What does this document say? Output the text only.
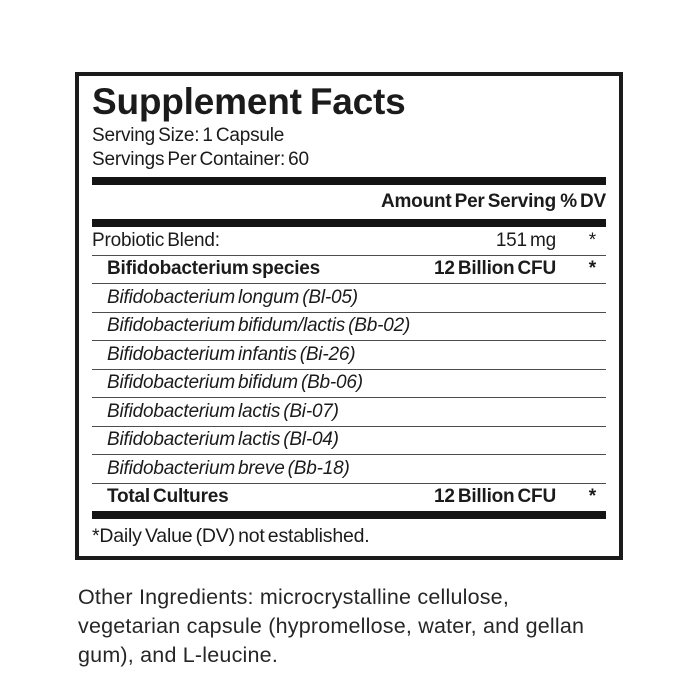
Supplement Facts
Serving Size: 1 Capsule
Servings Per Container: 60
Amount Per Serving % DV
Probiotic Blend:	151 mg	*
Bifidobacterium species	12 Billion CFU	*
Bifidobacterium longum (Bl-05)
Bifidobacterium bifidum/lactis (Bb-02)
Bifidobacterium infantis (Bi-26)
Bifidobacterium bifidum (Bb-06)
Bifidobacterium lactis (Bi-07)
Bifidobacterium lactis (Bl-04)
Bifidobacterium breve (Bb-18)
Total Cultures	12 Billion CFU	*
*Daily Value (DV) not established.
Other Ingredients: microcrystalline cellulose,
vegetarian capsule (hypromellose, water, and gellan
gum), and L-leucine.
